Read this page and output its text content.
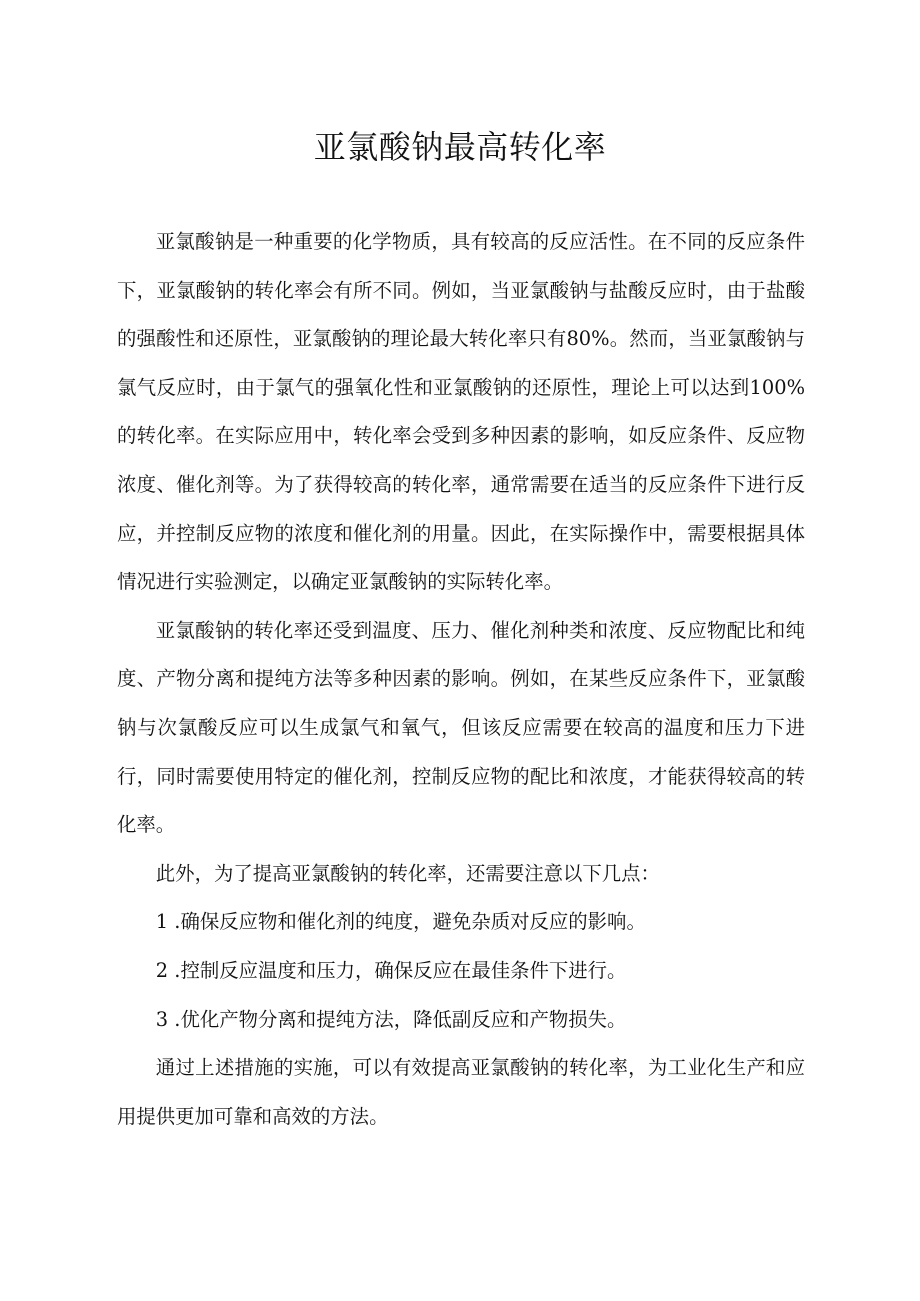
亚氯酸钠最高转化率

亚氯酸钠是一种重要的化学物质，具有较高的反应活性。在不同的反应条件下，亚氯酸钠的转化率会有所不同。例如，当亚氯酸钠与盐酸反应时，由于盐酸的强酸性和还原性，亚氯酸钠的理论最大转化率只有80%。然而，当亚氯酸钠与氯气反应时，由于氯气的强氧化性和亚氯酸钠的还原性，理论上可以达到100%的转化率。在实际应用中，转化率会受到多种因素的影响，如反应条件、反应物浓度、催化剂等。为了获得较高的转化率，通常需要在适当的反应条件下进行反应，并控制反应物的浓度和催化剂的用量。因此，在实际操作中，需要根据具体情况进行实验测定，以确定亚氯酸钠的实际转化率。

亚氯酸钠的转化率还受到温度、压力、催化剂种类和浓度、反应物配比和纯度、产物分离和提纯方法等多种因素的影响。例如，在某些反应条件下，亚氯酸钠与次氯酸反应可以生成氯气和氧气，但该反应需要在较高的温度和压力下进行，同时需要使用特定的催化剂，控制反应物的配比和浓度，才能获得较高的转化率。

此外，为了提高亚氯酸钠的转化率，还需要注意以下几点：

1 .确保反应物和催化剂的纯度，避免杂质对反应的影响。

2 .控制反应温度和压力，确保反应在最佳条件下进行。

3 .优化产物分离和提纯方法，降低副反应和产物损失。

通过上述措施的实施，可以有效提高亚氯酸钠的转化率，为工业化生产和应用提供更加可靠和高效的方法。
